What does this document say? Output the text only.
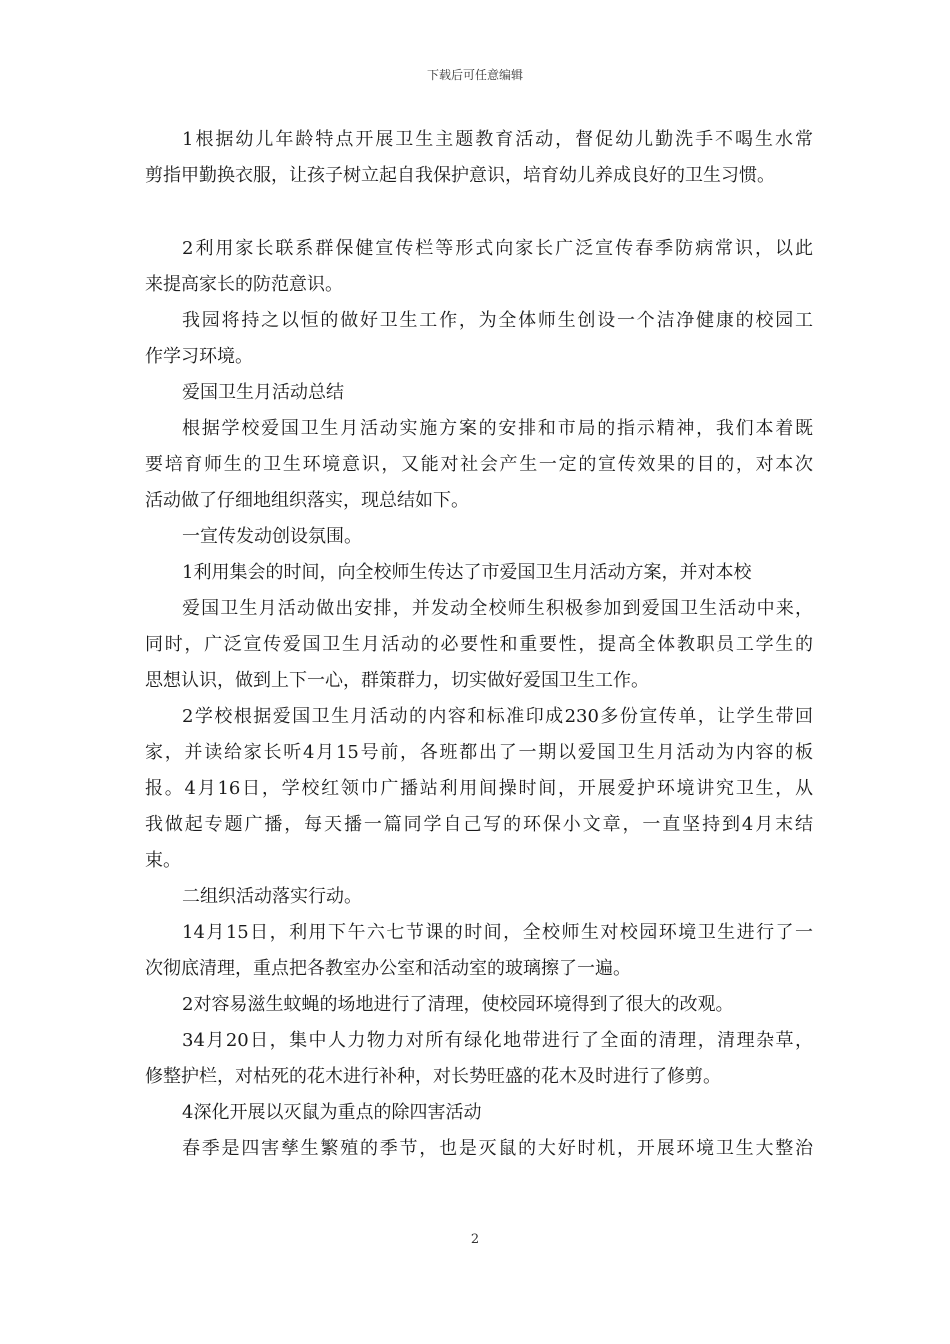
下载后可任意编辑
1根据幼儿年龄特点开展卫生主题教育活动，督促幼儿勤洗手不喝生水常
剪指甲勤换衣服，让孩子树立起自我保护意识，培育幼儿养成良好的卫生习惯。
2利用家长联系群保健宣传栏等形式向家长广泛宣传春季防病常识，以此
来提高家长的防范意识。
我园将持之以恒的做好卫生工作，为全体师生创设一个洁净健康的校园工
作学习环境。
爱国卫生月活动总结
根据学校爱国卫生月活动实施方案的安排和市局的指示精神，我们本着既
要培育师生的卫生环境意识，又能对社会产生一定的宣传效果的目的，对本次
活动做了仔细地组织落实，现总结如下。
一宣传发动创设氛围。
1利用集会的时间，向全校师生传达了市爱国卫生月活动方案，并对本校
爱国卫生月活动做出安排，并发动全校师生积极参加到爱国卫生活动中来，
同时，广泛宣传爱国卫生月活动的必要性和重要性，提高全体教职员工学生的
思想认识，做到上下一心，群策群力，切实做好爱国卫生工作。
2学校根据爱国卫生月活动的内容和标准印成230多份宣传单，让学生带回
家，并读给家长听4月15号前，各班都出了一期以爱国卫生月活动为内容的板
报。4月16日，学校红领巾广播站利用间操时间，开展爱护环境讲究卫生，从
我做起专题广播，每天播一篇同学自己写的环保小文章，一直坚持到4月末结
束。
二组织活动落实行动。
14月15日，利用下午六七节课的时间，全校师生对校园环境卫生进行了一
次彻底清理，重点把各教室办公室和活动室的玻璃擦了一遍。
2对容易滋生蚊蝇的场地进行了清理，使校园环境得到了很大的改观。
34月20日，集中人力物力对所有绿化地带进行了全面的清理，清理杂草，
修整护栏，对枯死的花木进行补种，对长势旺盛的花木及时进行了修剪。
4深化开展以灭鼠为重点的除四害活动
春季是四害孳生繁殖的季节，也是灭鼠的大好时机，开展环境卫生大整治
2
